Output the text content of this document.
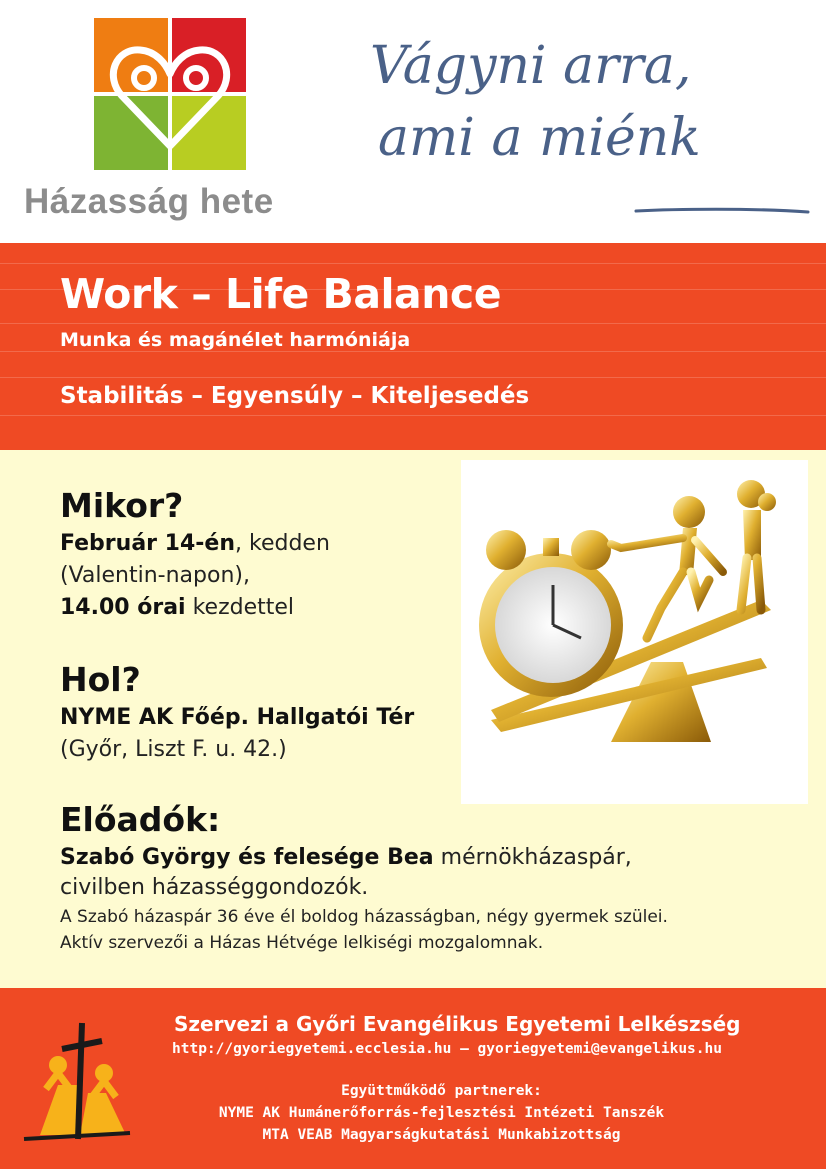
Házasság hete
Vágyni arra,
ami a miénk
Work – Life Balance
Munka és magánélet harmóniája
Stabilitás – Egyensúly – Kiteljesedés
Mikor?
Február 14-én, kedden
(Valentin-napon),
14.00 órai kezdettel
Hol?
NYME AK Főép. Hallgatói Tér
(Győr, Liszt F. u. 42.)
Előadók:
Szabó György és felesége Bea mérnökházaspár,
civilben házasséggondozók.
A Szabó házaspár 36 éve él boldog házasságban, négy gyermek szülei.
Aktív szervezői a Házas Hétvége lelkiségi mozgalomnak.
Szervezi a Győri Evangélikus Egyetemi Lelkészség
http://gyoriegyetemi.ecclesia.hu – gyoriegyetemi@evangelikus.hu
Együttműködő partnerek:
NYME AK Humánerőforrás-fejlesztési Intézeti Tanszék
MTA VEAB Magyarságkutatási Munkabizottság
